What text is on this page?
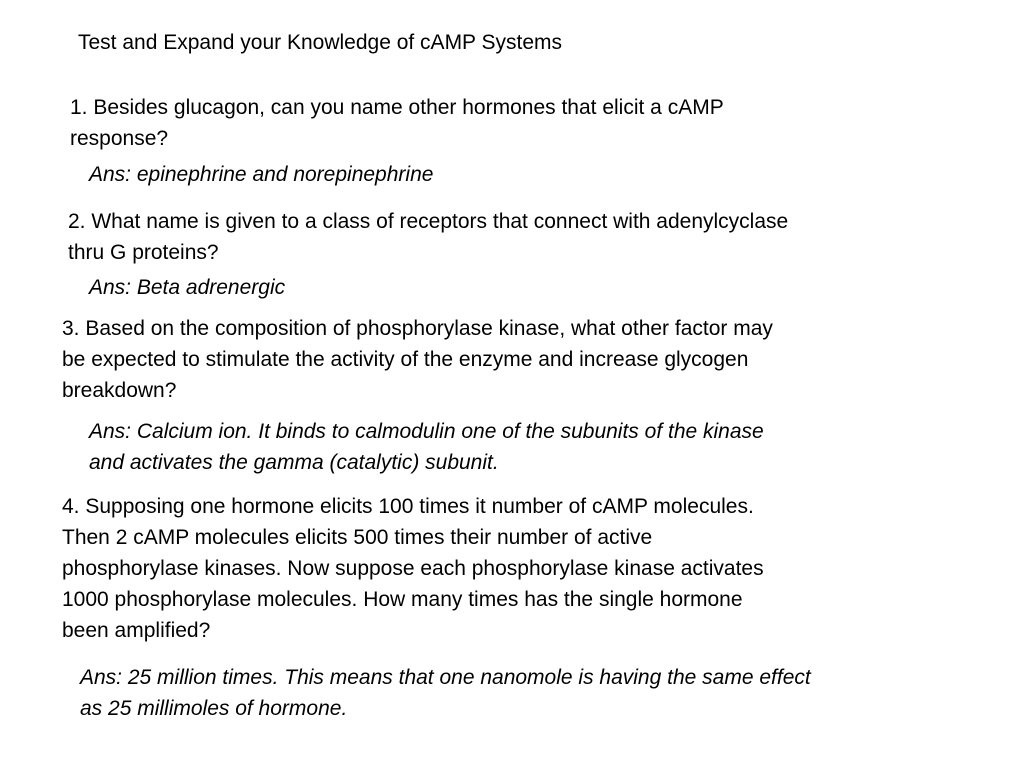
Test and Expand your Knowledge of cAMP Systems

1. Besides glucagon, can you name other hormones that elicit a cAMP
response?

Ans: epinephrine and norepinephrine

2. What name is given to a class of receptors that connect with adenylcyclase
thru G proteins?

Ans: Beta adrenergic

3. Based on the composition of phosphorylase kinase, what other factor may
be expected to stimulate the activity of the enzyme and increase glycogen
breakdown?

Ans: Calcium ion. It binds to calmodulin one of the subunits of the kinase
and activates the gamma (catalytic) subunit.

4. Supposing one hormone elicits 100 times it number of cAMP molecules.
Then 2 cAMP molecules elicits 500 times their number of active
phosphorylase kinases. Now suppose each phosphorylase kinase activates
1000 phosphorylase molecules. How many times has the single hormone
been amplified?

Ans: 25 million times. This means that one nanomole is having the same effect
as 25 millimoles of hormone.
